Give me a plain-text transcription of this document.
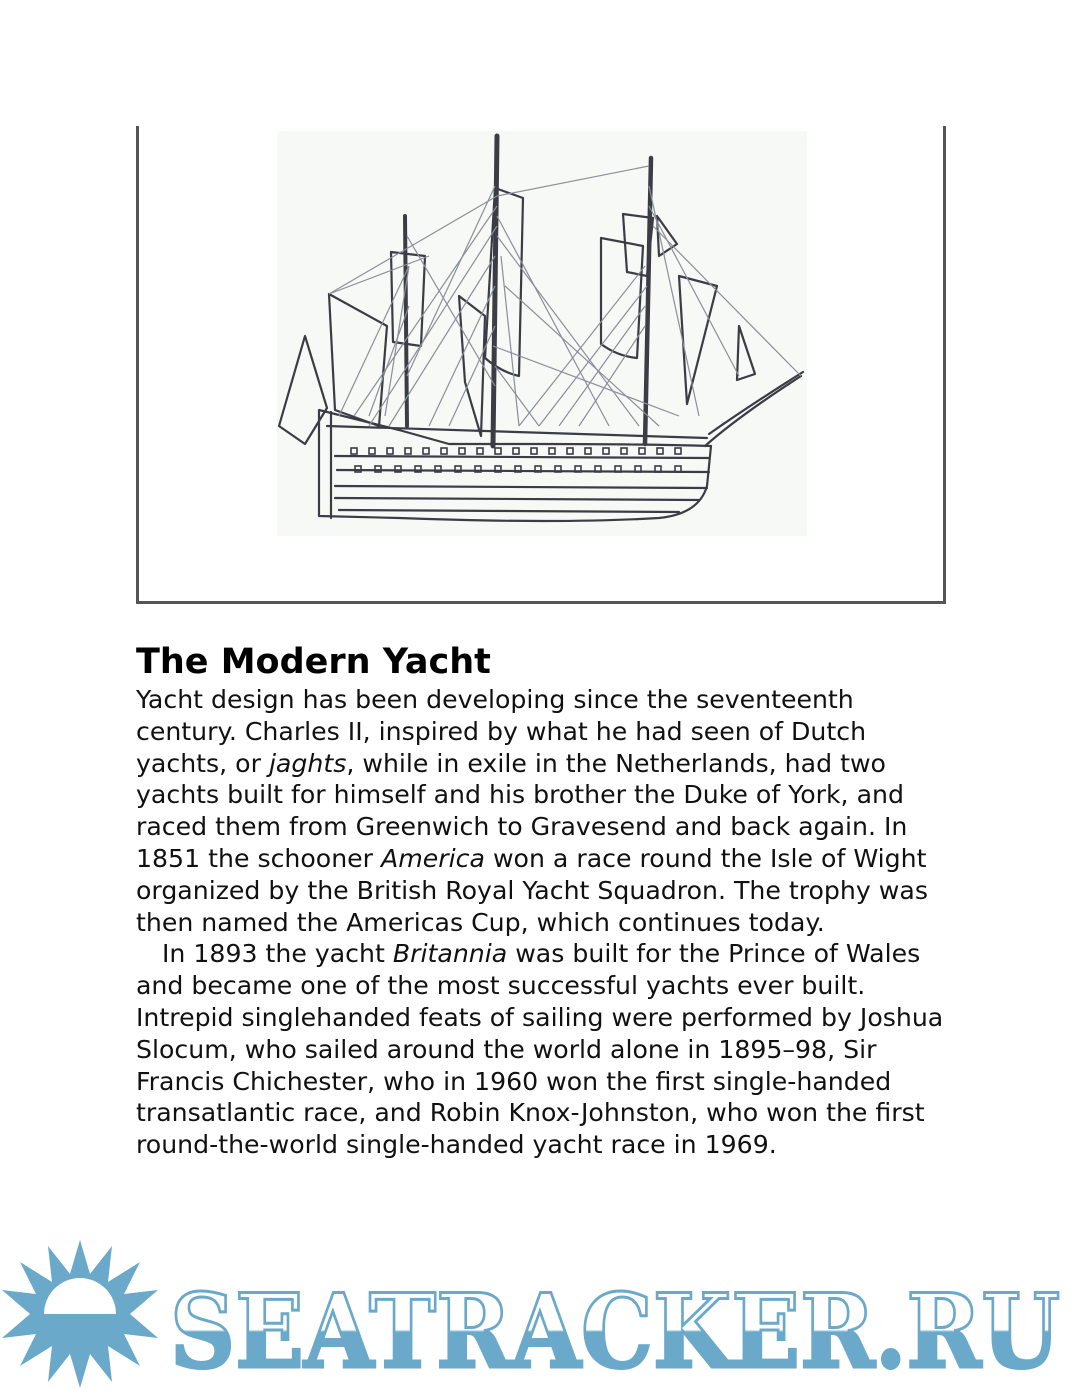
The Modern Yacht

Yacht design has been developing since the seventeenth century. Charles II, inspired by what he had seen of Dutch yachts, or jaghts, while in exile in the Netherlands, had two yachts built for himself and his brother the Duke of York, and raced them from Greenwich to Gravesend and back again. In 1851 the schooner America won a race round the Isle of Wight organized by the British Royal Yacht Squadron. The trophy was then named the Americas Cup, which continues today.

In 1893 the yacht Britannia was built for the Prince of Wales and became one of the most successful yachts ever built. Intrepid singlehanded feats of sailing were performed by Joshua Slocum, who sailed around the world alone in 1895–98, Sir Francis Chichester, who in 1960 won the first single-handed transatlantic race, and Robin Knox-Johnston, who won the first round-the-world single-handed yacht race in 1969.

SEATRACKER.RU
